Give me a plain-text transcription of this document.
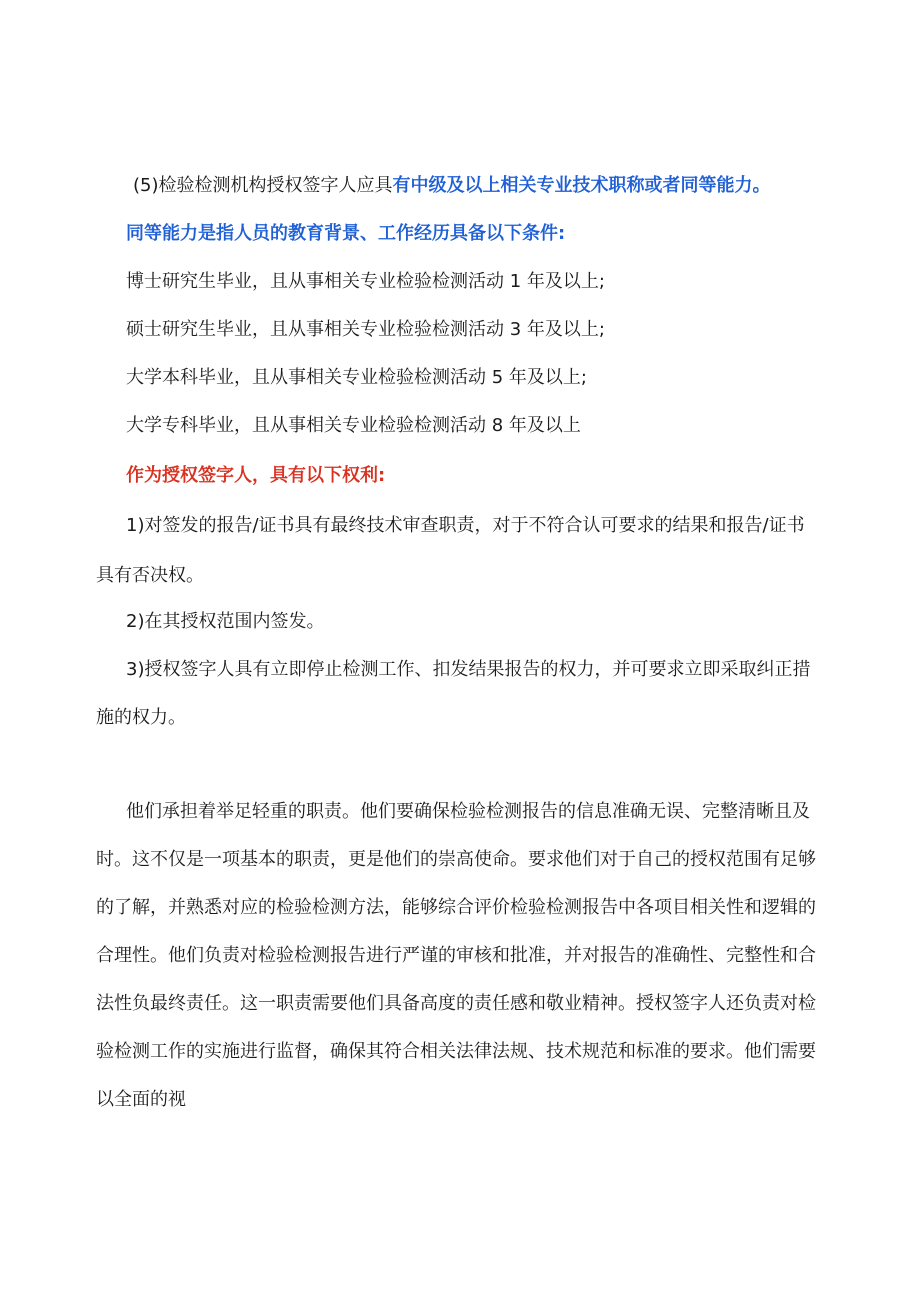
(5)检验检测机构授权签字人应具有中级及以上相关专业技术职称或者同等能力。
同等能力是指人员的教育背景、工作经历具备以下条件:
博士研究生毕业，且从事相关专业检验检测活动 1 年及以上;
硕士研究生毕业，且从事相关专业检验检测活动 3 年及以上;
大学本科毕业，且从事相关专业检验检测活动 5 年及以上;
大学专科毕业，且从事相关专业检验检测活动 8 年及以上
作为授权签字人，具有以下权利:
1)对签发的报告/证书具有最终技术审查职责，对于不符合认可要求的结果和报告/证书
具有否决权。
2)在其授权范围内签发。
3)授权签字人具有立即停止检测工作、扣发结果报告的权力，并可要求立即采取纠正措
施的权力。
他们承担着举足轻重的职责。他们要确保检验检测报告的信息准确无误、完整清晰且及
时。这不仅是一项基本的职责，更是他们的崇高使命。要求他们对于自己的授权范围有足够
的了解，并熟悉对应的检验检测方法，能够综合评价检验检测报告中各项目相关性和逻辑的
合理性。他们负责对检验检测报告进行严谨的审核和批准，并对报告的准确性、完整性和合
法性负最终责任。这一职责需要他们具备高度的责任感和敬业精神。授权签字人还负责对检
验检测工作的实施进行监督，确保其符合相关法律法规、技术规范和标准的要求。他们需要
以全面的视
